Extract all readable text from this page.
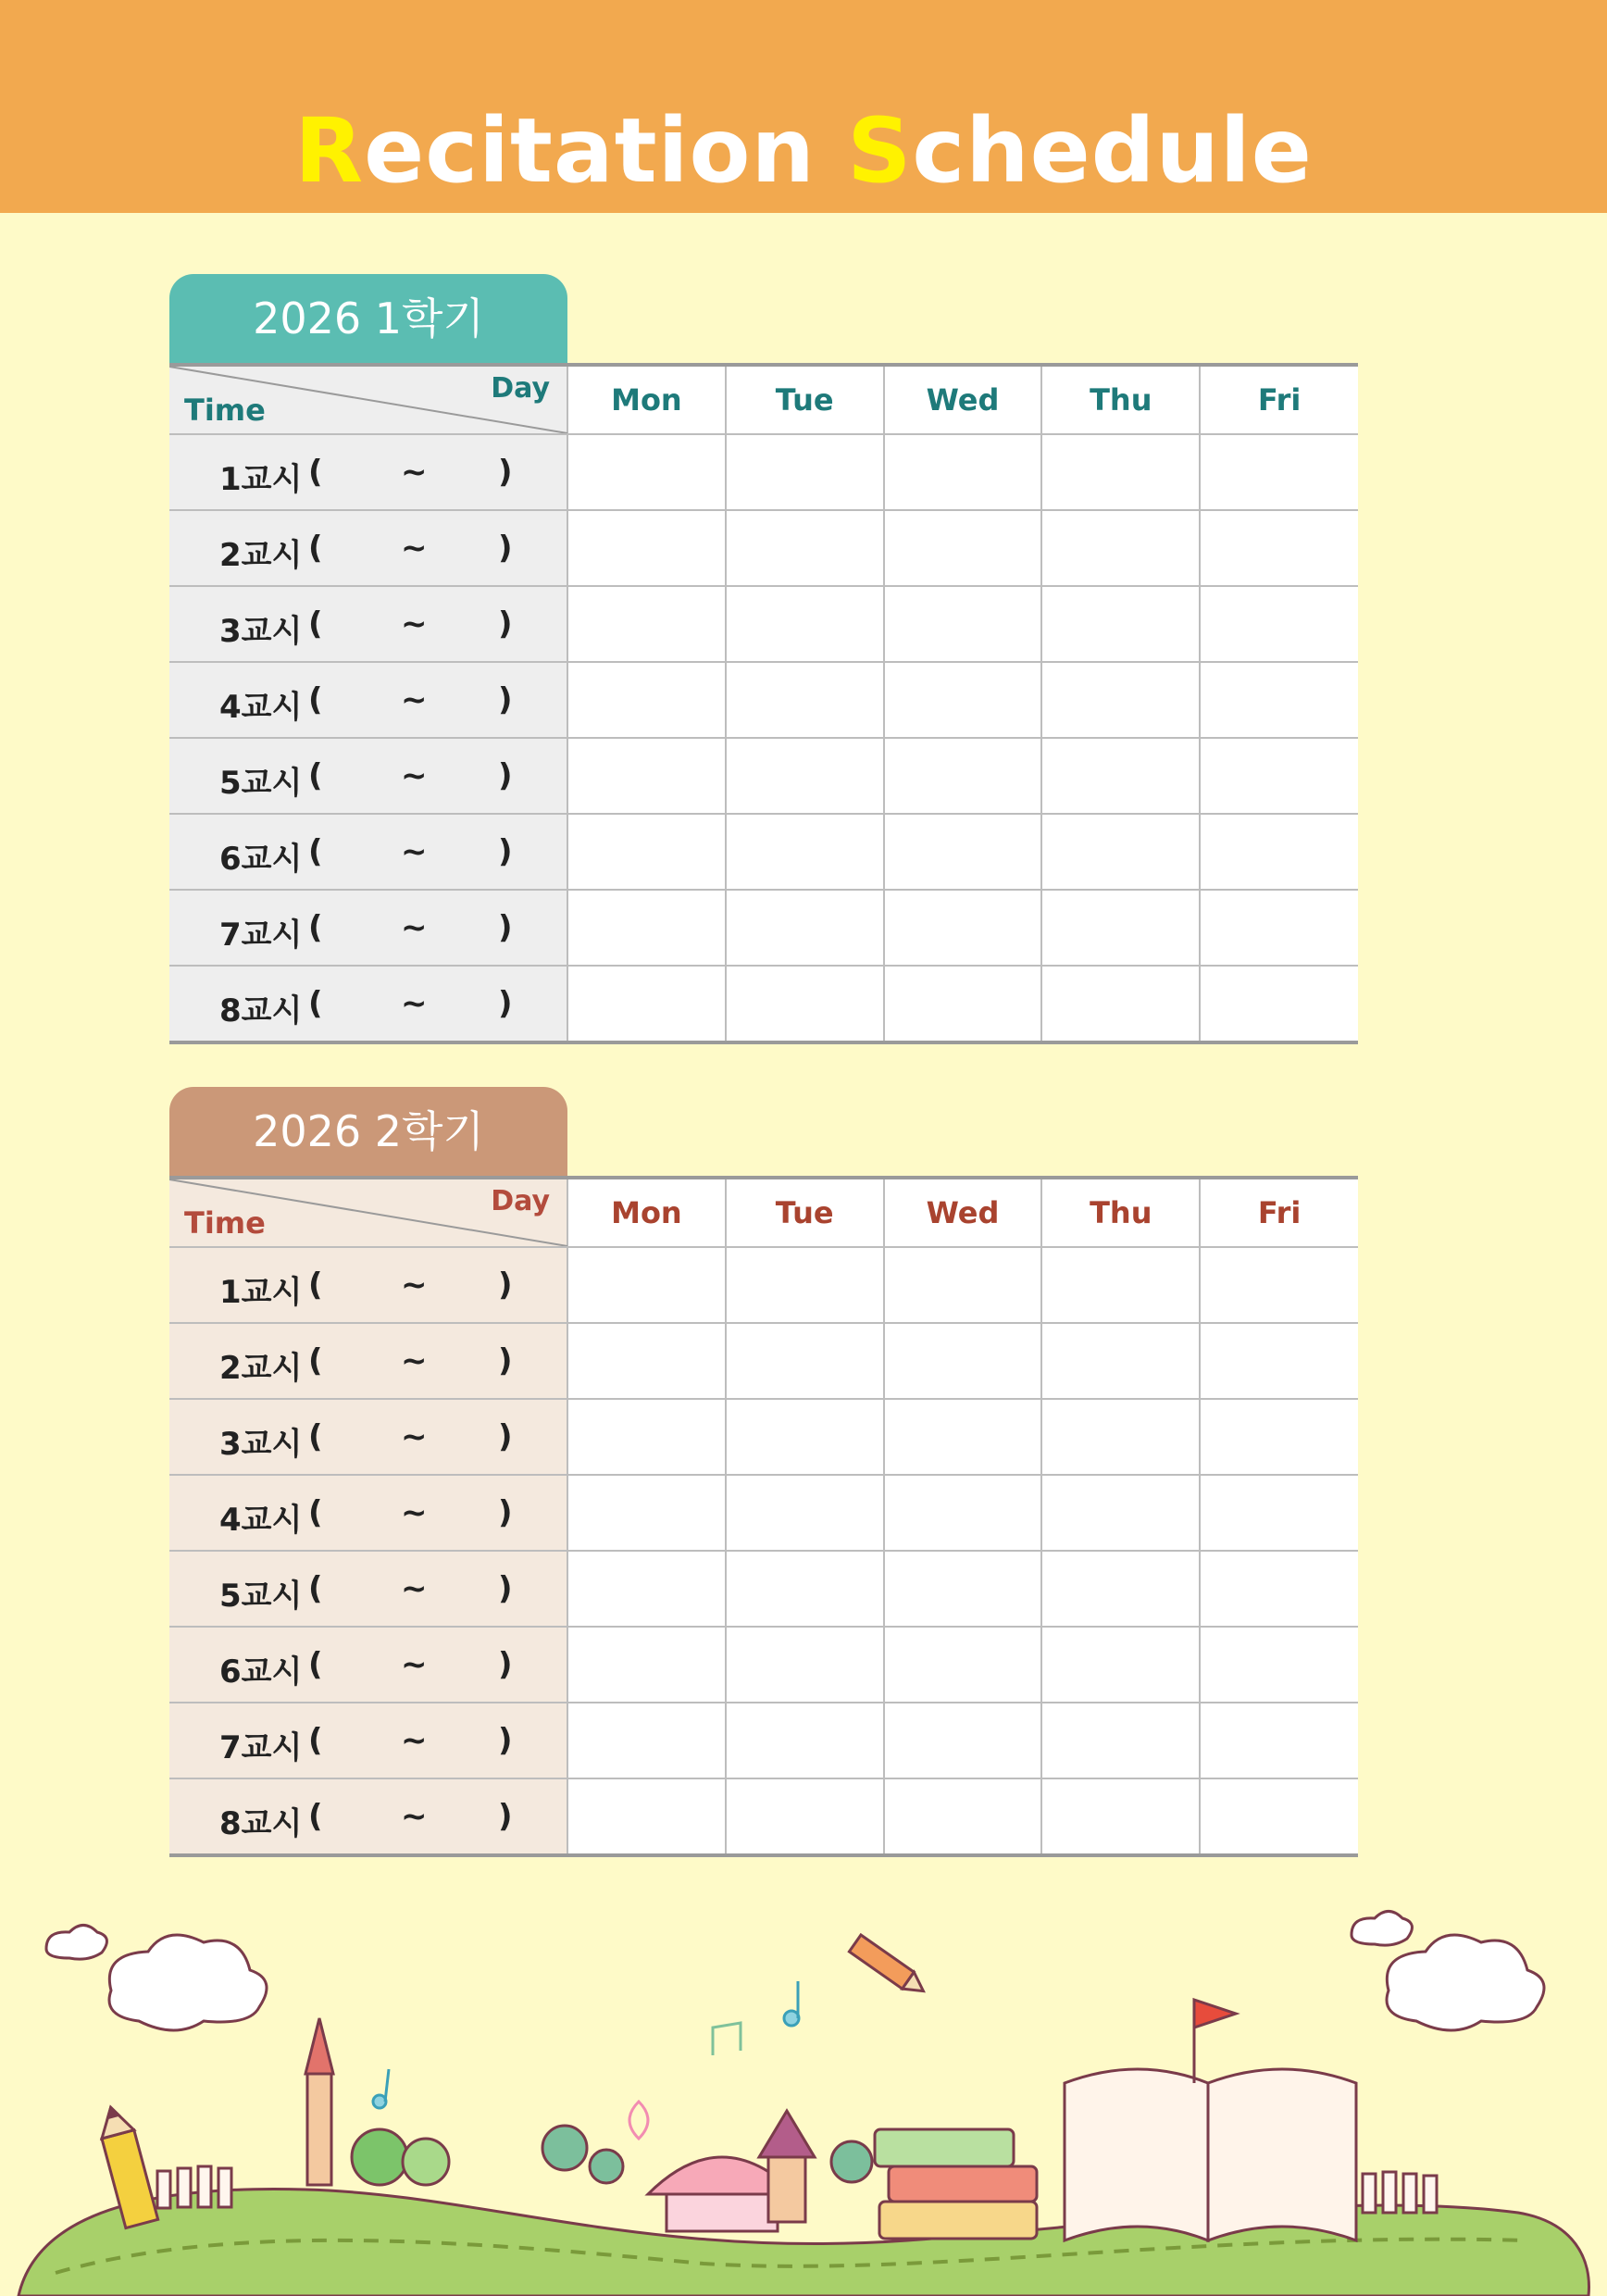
Recitation Schedule
2026 1학기
Time
Day	Mon	Tue	Wed	Thu	Fri

1교시 ( ~ )					

2교시 ( ~ )					

3교시 ( ~ )					

4교시 ( ~ )					

5교시 ( ~ )					

6교시 ( ~ )					

7교시 ( ~ )					

8교시 ( ~ )					

2026 2학기
Time
Day	Mon	Tue	Wed	Thu	Fri

1교시 ( ~ )					

2교시 ( ~ )					

3교시 ( ~ )					

4교시 ( ~ )					

5교시 ( ~ )					

6교시 ( ~ )					

7교시 ( ~ )					

8교시 ( ~ )					
